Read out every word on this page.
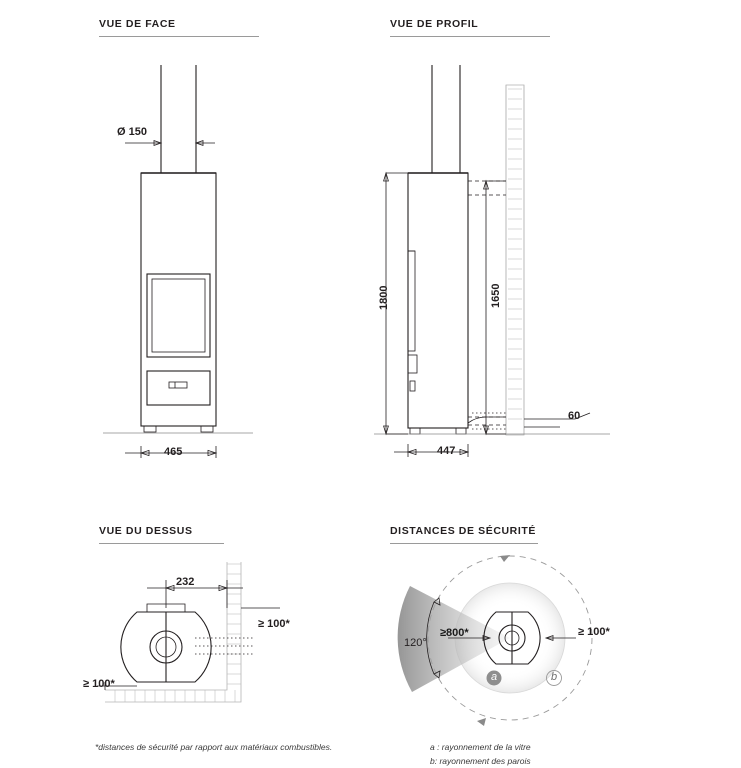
VUE DE FACE
Ø 150
465
VUE DE PROFIL
1800	1650
60
447
VUE DU DESSUS
232
≥ 100*
≥ 100*
*distances de sécurité par rapport aux matériaux combustibles.
DISTANCES DE SÉCURITÉ
≥800*	≥ 100*
120°
a	b
a : rayonnement de la vitre
b: rayonnement des parois
